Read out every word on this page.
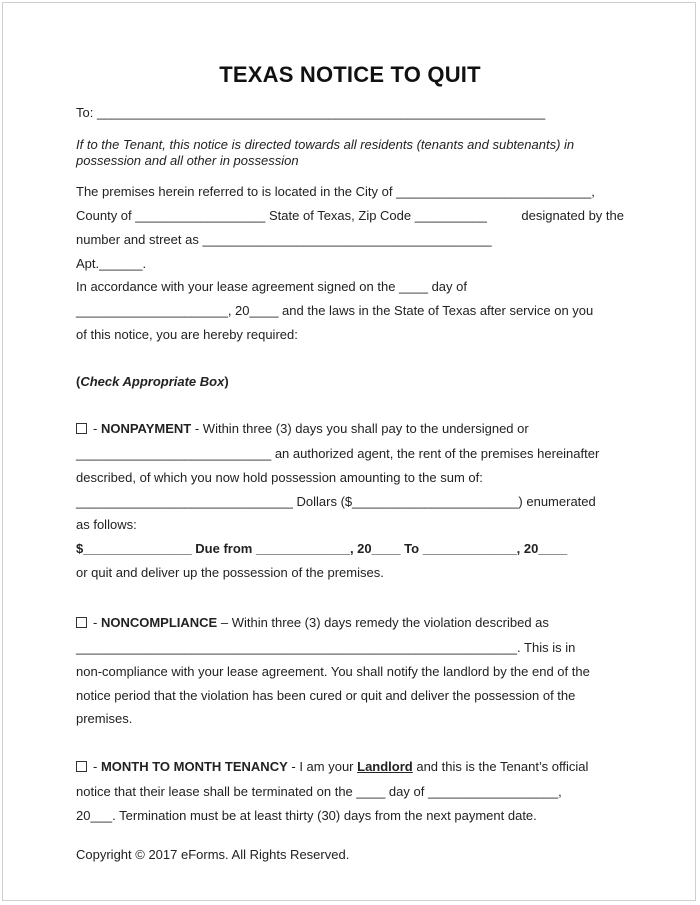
TEXAS NOTICE TO QUIT
To: ______________________________________________________________
If to the Tenant, this notice is directed towards all residents (tenants and subtenants) in
possession and all other in possession
The premises herein referred to is located in the City of ___________________________,
County of __________________ State of Texas, Zip Code __________	designated by the
number and street as ________________________________________
Apt.______.
In accordance with your lease agreement signed on the ____ day of
_____________________, 20____ and the laws in the State of Texas after service on you
of this notice, you are hereby required:
(Check Appropriate Box)
- NONPAYMENT - Within three (3) days you shall pay to the undersigned or
___________________________ an authorized agent, the rent of the premises hereinafter
described, of which you now hold possession amounting to the sum of:
______________________________ Dollars ($_______________________) enumerated
as follows:
$_______________ Due from _____________, 20____ To _____________, 20____
or quit and deliver up the possession of the premises.
- NONCOMPLIANCE – Within three (3) days remedy the violation described as
_____________________________________________________________. This is in
non-compliance with your lease agreement. You shall notify the landlord by the end of the
notice period that the violation has been cured or quit and deliver the possession of the
premises.
- MONTH TO MONTH TENANCY - I am your Landlord and this is the Tenant’s official
notice that their lease shall be terminated on the ____ day of __________________,
20___. Termination must be at least thirty (30) days from the next payment date.
Copyright © 2017 eForms. All Rights Reserved.
